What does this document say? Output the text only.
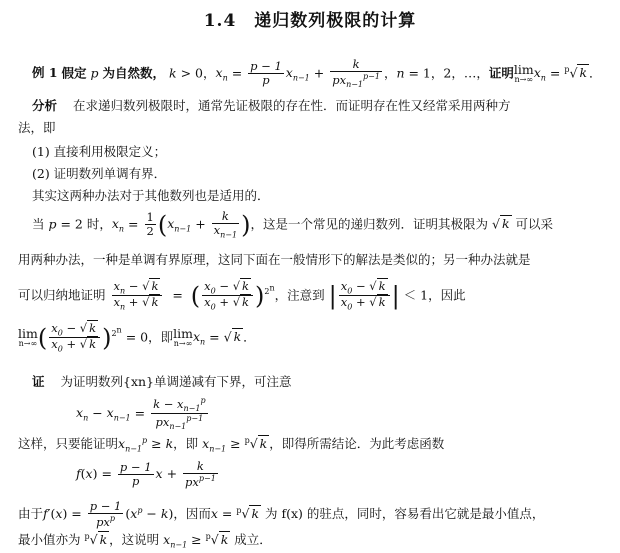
1.4　递归数列极限的计算
例 1 假定 p 为自然数， k > 0，$x_n = \frac{p - 1}{p} x_{n-1} + \frac{k}{px_{n-1}^{p-1}}$ ，n = 1，2，…，证明 lim
n→∞ $x_n = ^p√$ k ．
分析 在求递归数列极限时，通常先证极限的存在性．而证明存在性又经常采用两种方
法，即
(1) 直接利用极限定义；
(2) 证明数列单调有界．
其实这两种办法对于其他数列也是适用的．
当 p = 2 时，$x_n = \frac{1}{2} (x_{n-1} + \frac{k}{x_{n-1}}$ )，这是一个常见的递归数列．证明其极限为 √ k 可以采
用两种办法，一种是单调有界原理，这同下面在一般情形下的解法是类似的；另一种办法就是
可以归纳地证明 $\frac{x_n - √ k}{x_n + √ k}$ =  ( $\frac{x_0 - √ k}{x_0 + √ k} )^{2^n}$，注意到 | $\frac{x_0 - √ k}{x_0 + √ k}$ | ＜ 1，因此
lim
n→∞ ( $\frac{x_0 - √ k}{x_0 + √ k} )^{2^n} = 0$，即 lim
n→∞ $x_n$ = √ k ．
证 为证明数列{xn}单调递减有下界，可注意
$x_n - x_{n-1} = \frac{k - x_{n-1}^p}{px_{n-1}^{p-1}}$
这样，只要能证明$x_{n-1}^p \ge k$，即 $x_{n-1} \ge ^p√$ k ，即得所需结论．为此考虑函数
$f(x) = \frac{p - 1}{p}$ $x + \frac{k}{px^{p-1}}$
由于$f'(x) = \frac{p - 1}{px^p} (x^p - k)$，因而x = $^p$√ k 为 f(x) 的驻点，同时，容易看出它就是最小值点，
最小值亦为 $^p$√ k ，这说明 $x_{n-1} \ge ^p√$ k 成立．
